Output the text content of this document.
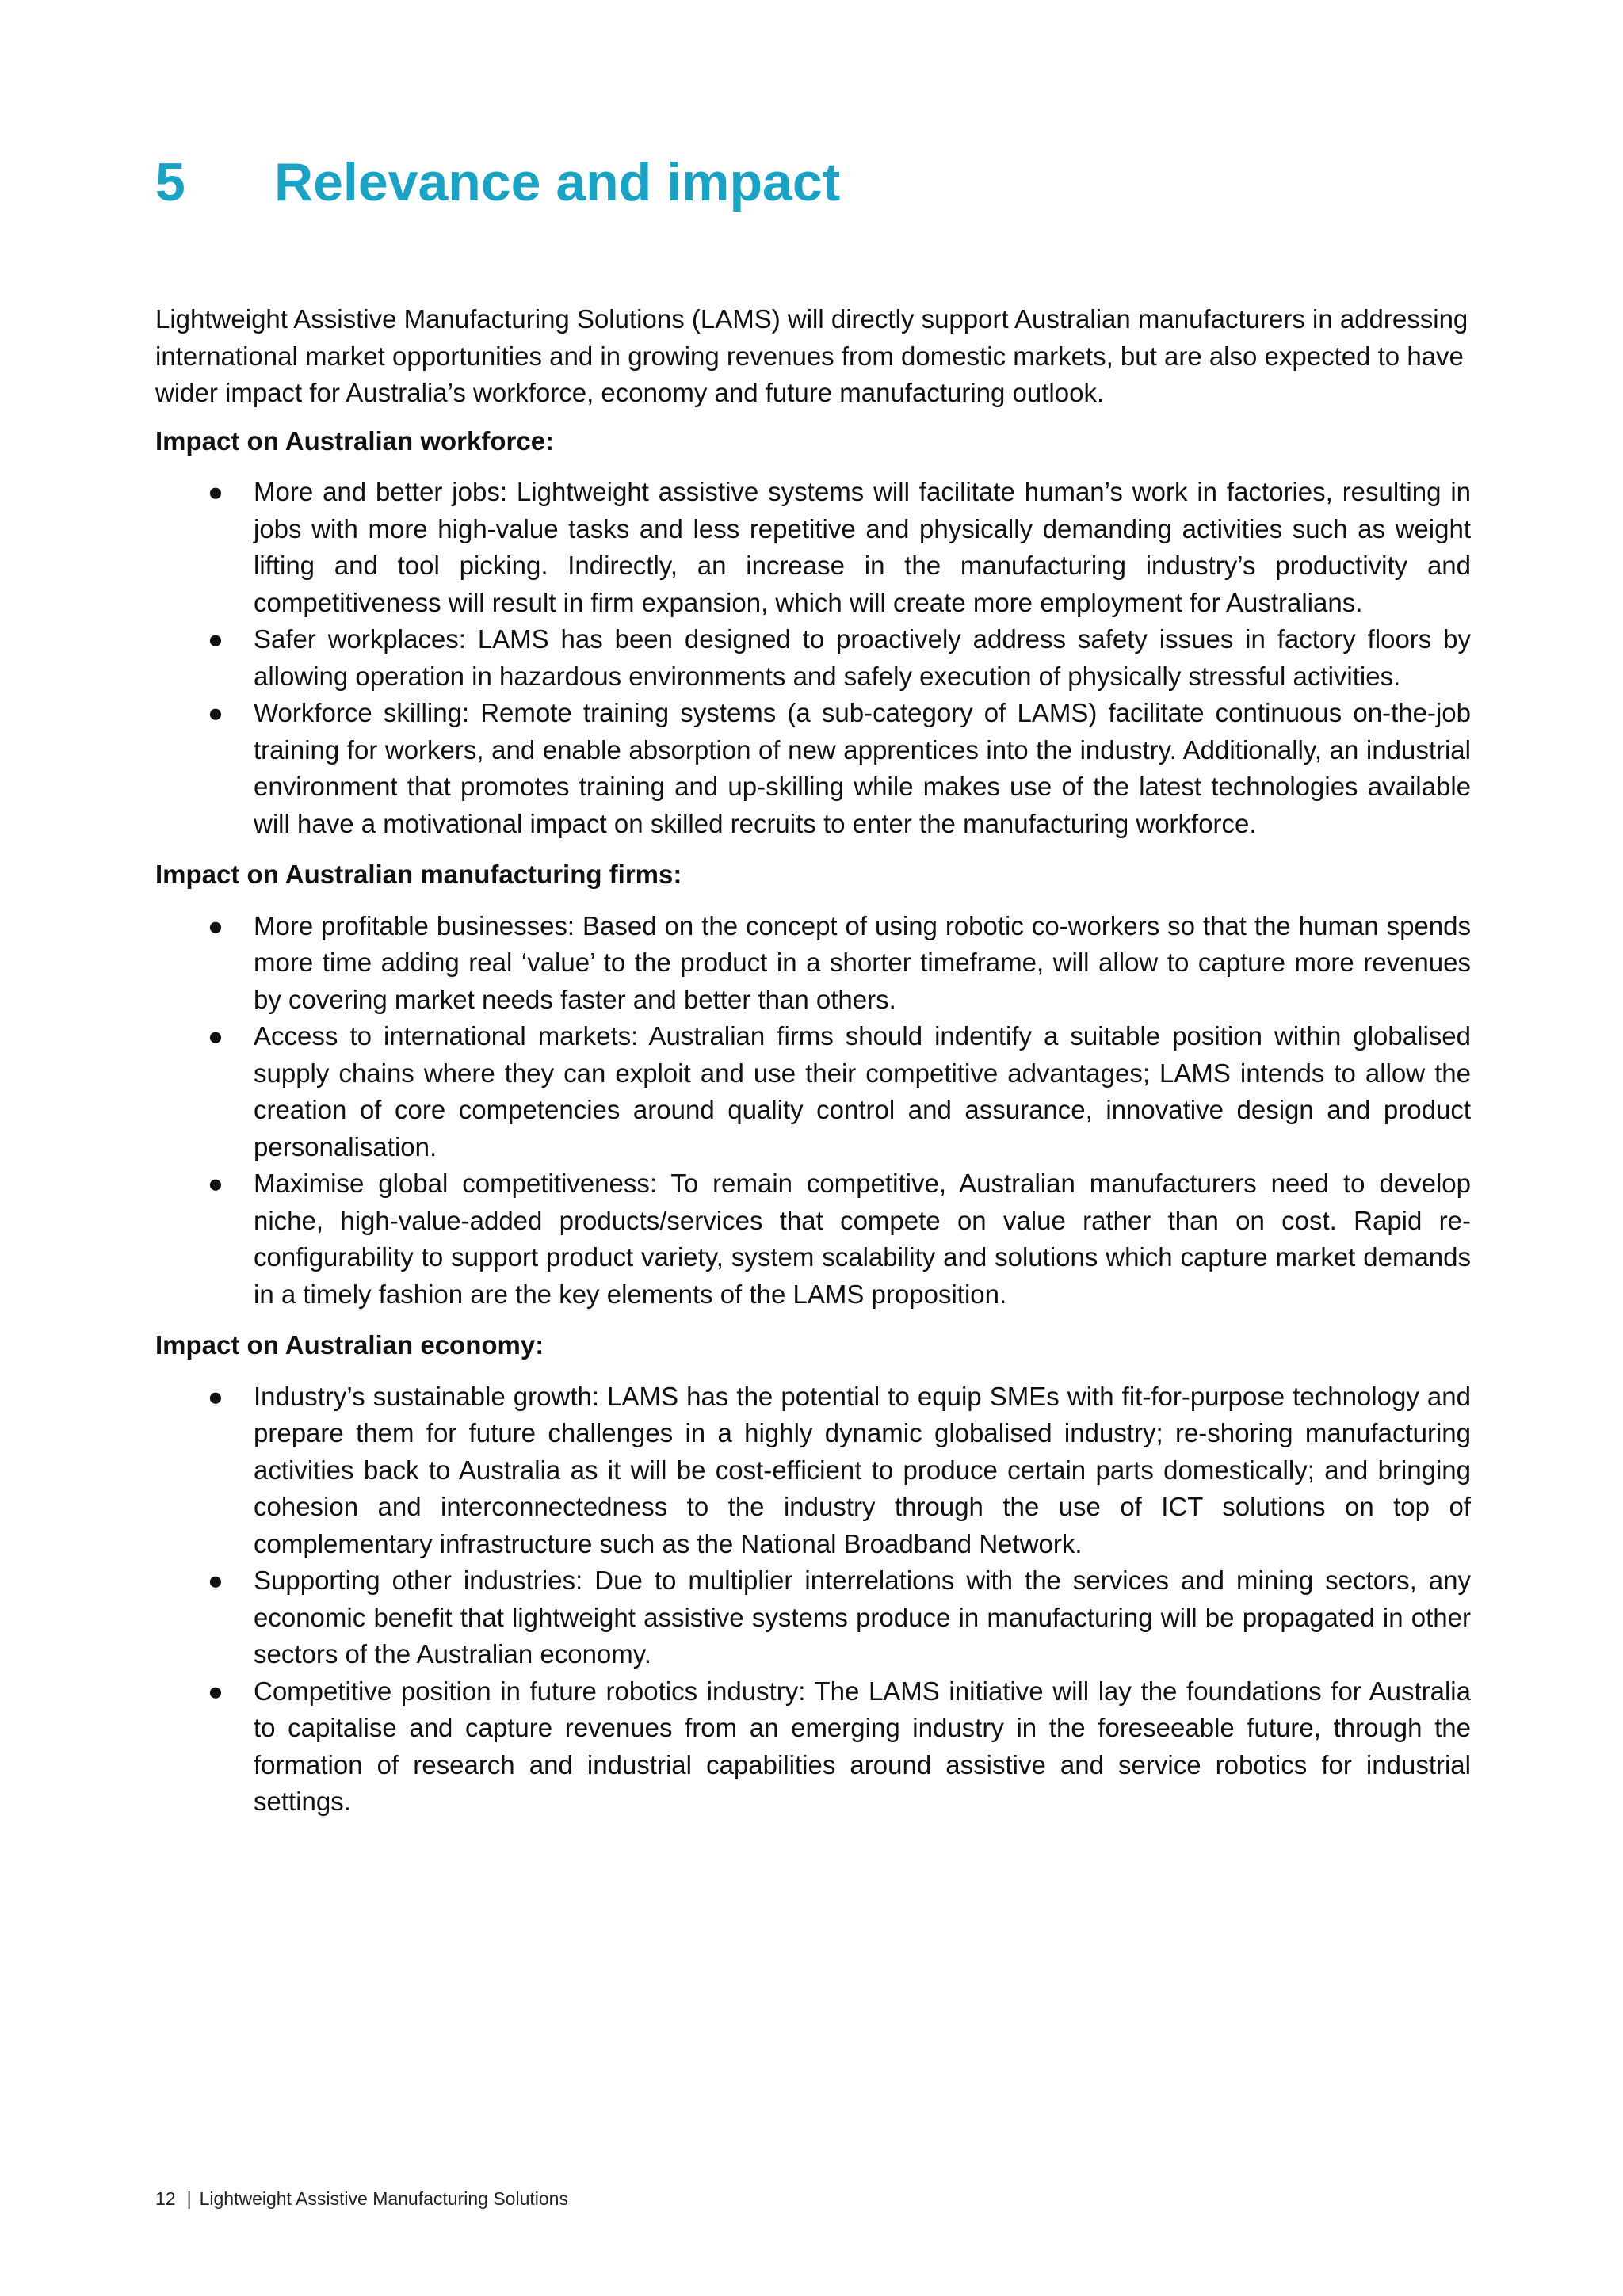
5 Relevance and impact

Lightweight Assistive Manufacturing Solutions (LAMS) will directly support Australian manufacturers in addressing international market opportunities and in growing revenues from domestic markets, but are also expected to have wider impact for Australia’s workforce, economy and future manufacturing outlook.

Impact on Australian workforce:

● More and better jobs: Lightweight assistive systems will facilitate human’s work in factories, resulting in jobs with more high-value tasks and less repetitive and physically demanding activities such as weight lifting and tool picking. Indirectly, an increase in the manufacturing industry’s productivity and competitiveness will result in firm expansion, which will create more employment for Australians.
● Safer workplaces: LAMS has been designed to proactively address safety issues in factory floors by allowing operation in hazardous environments and safely execution of physically stressful activities.
● Workforce skilling: Remote training systems (a sub-category of LAMS) facilitate continuous on-the-job training for workers, and enable absorption of new apprentices into the industry. Additionally, an industrial environment that promotes training and up-skilling while makes use of the latest technologies available will have a motivational impact on skilled recruits to enter the manufacturing workforce.

Impact on Australian manufacturing firms:

● More profitable businesses: Based on the concept of using robotic co-workers so that the human spends more time adding real ‘value’ to the product in a shorter timeframe, will allow to capture more revenues by covering market needs faster and better than others.
● Access to international markets: Australian firms should indentify a suitable position within globalised supply chains where they can exploit and use their competitive advantages; LAMS intends to allow the creation of core competencies around quality control and assurance, innovative design and product personalisation.
● Maximise global competitiveness: To remain competitive, Australian manufacturers need to develop niche, high-value-added products/services that compete on value rather than on cost. Rapid re-configurability to support product variety, system scalability and solutions which capture market demands in a timely fashion are the key elements of the LAMS proposition.

Impact on Australian economy:

● Industry’s sustainable growth: LAMS has the potential to equip SMEs with fit-for-purpose technology and prepare them for future challenges in a highly dynamic globalised industry; re-shoring manufacturing activities back to Australia as it will be cost-efficient to produce certain parts domestically; and bringing cohesion and interconnectedness to the industry through the use of ICT solutions on top of complementary infrastructure such as the National Broadband Network.
● Supporting other industries: Due to multiplier interrelations with the services and mining sectors, any economic benefit that lightweight assistive systems produce in manufacturing will be propagated in other sectors of the Australian economy.
● Competitive position in future robotics industry: The LAMS initiative will lay the foundations for Australia to capitalise and capture revenues from an emerging industry in the foreseeable future, through the formation of research and industrial capabilities around assistive and service robotics for industrial settings.
12 | Lightweight Assistive Manufacturing Solutions
